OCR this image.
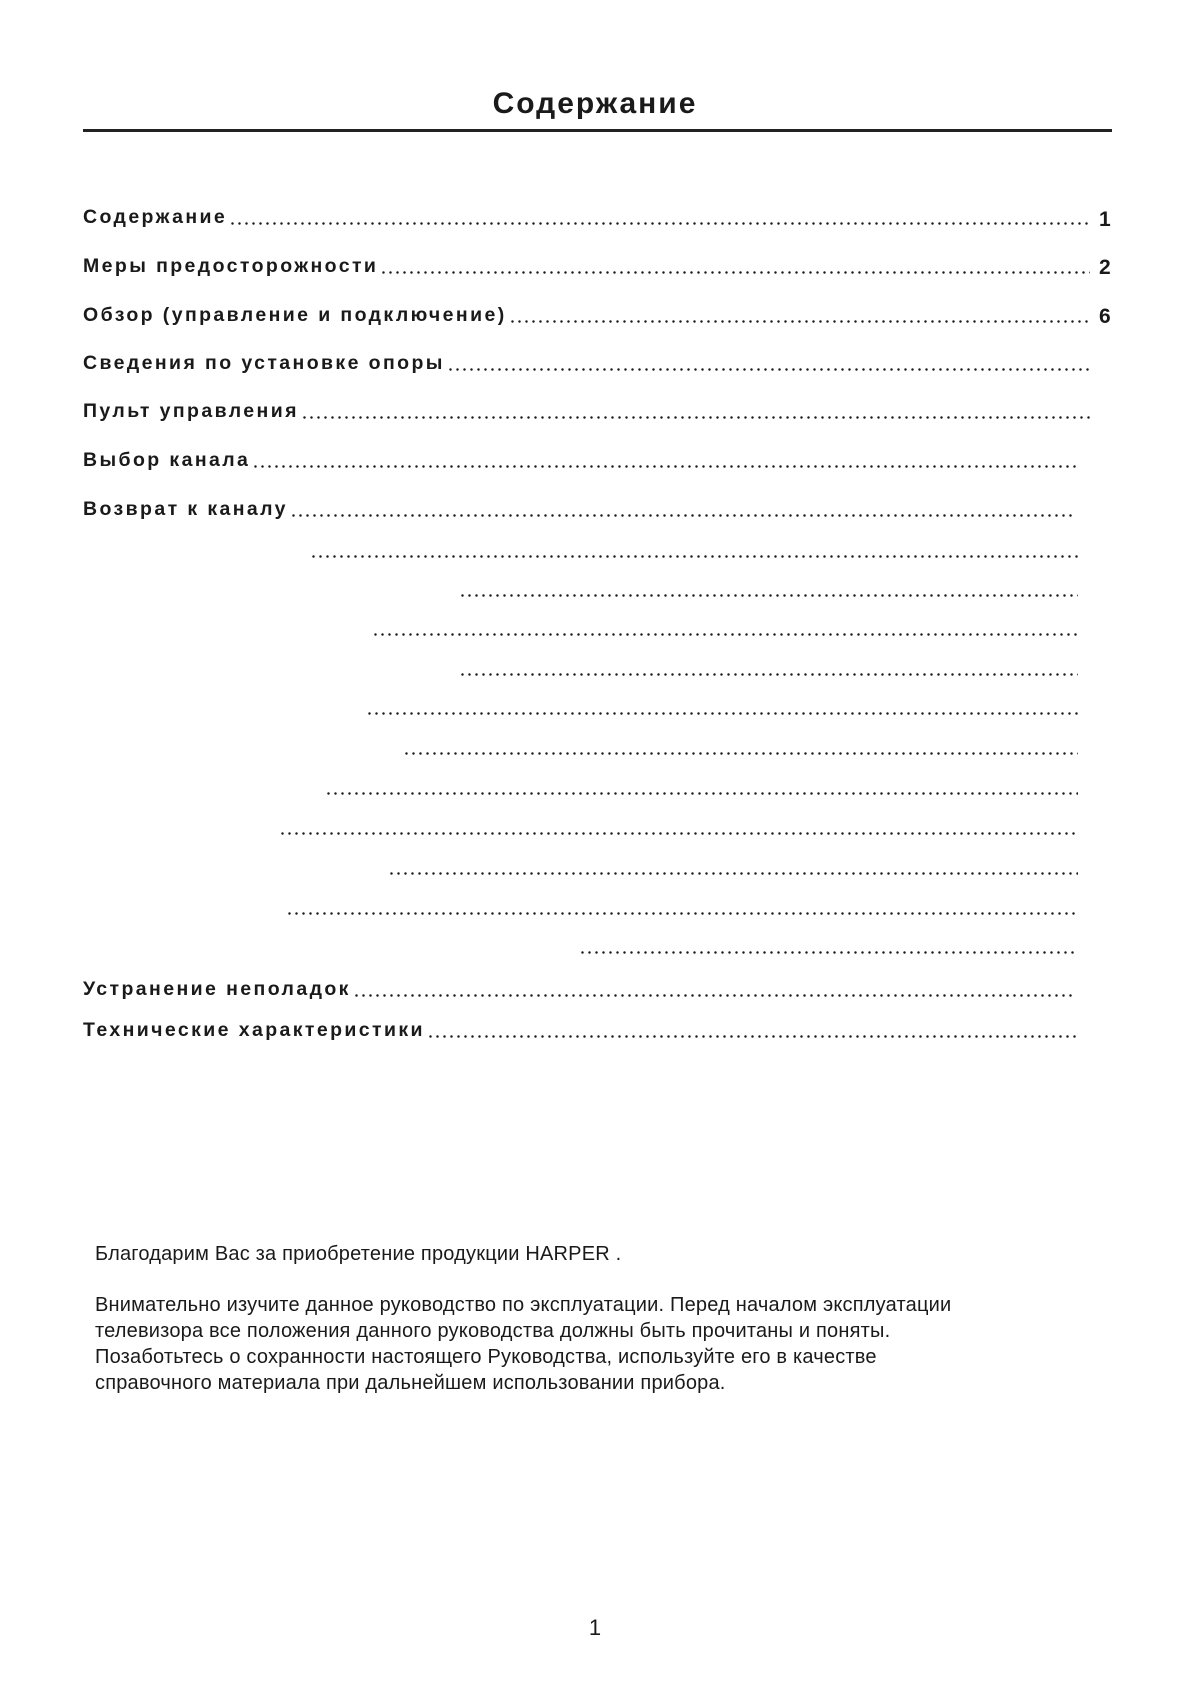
Содержание
Содержание	1
Меры предосторожности	2
Обзор (управление и подключение)	6
Сведения по установке опоры
Пульт управления
Выбор канала
Возврат к каналу
Устранение неполадок
Технические характеристики
Благодарим Вас за приобретение продукции HARPER .
Внимательно изучите данное руководство по эксплуатации. Перед началом эксплуатации
телевизора все положения данного руководства должны быть прочитаны и поняты.
Позаботьтесь о сохранности настоящего Руководства, используйте его в качестве
справочного материала при дальнейшем использовании прибора.
1
